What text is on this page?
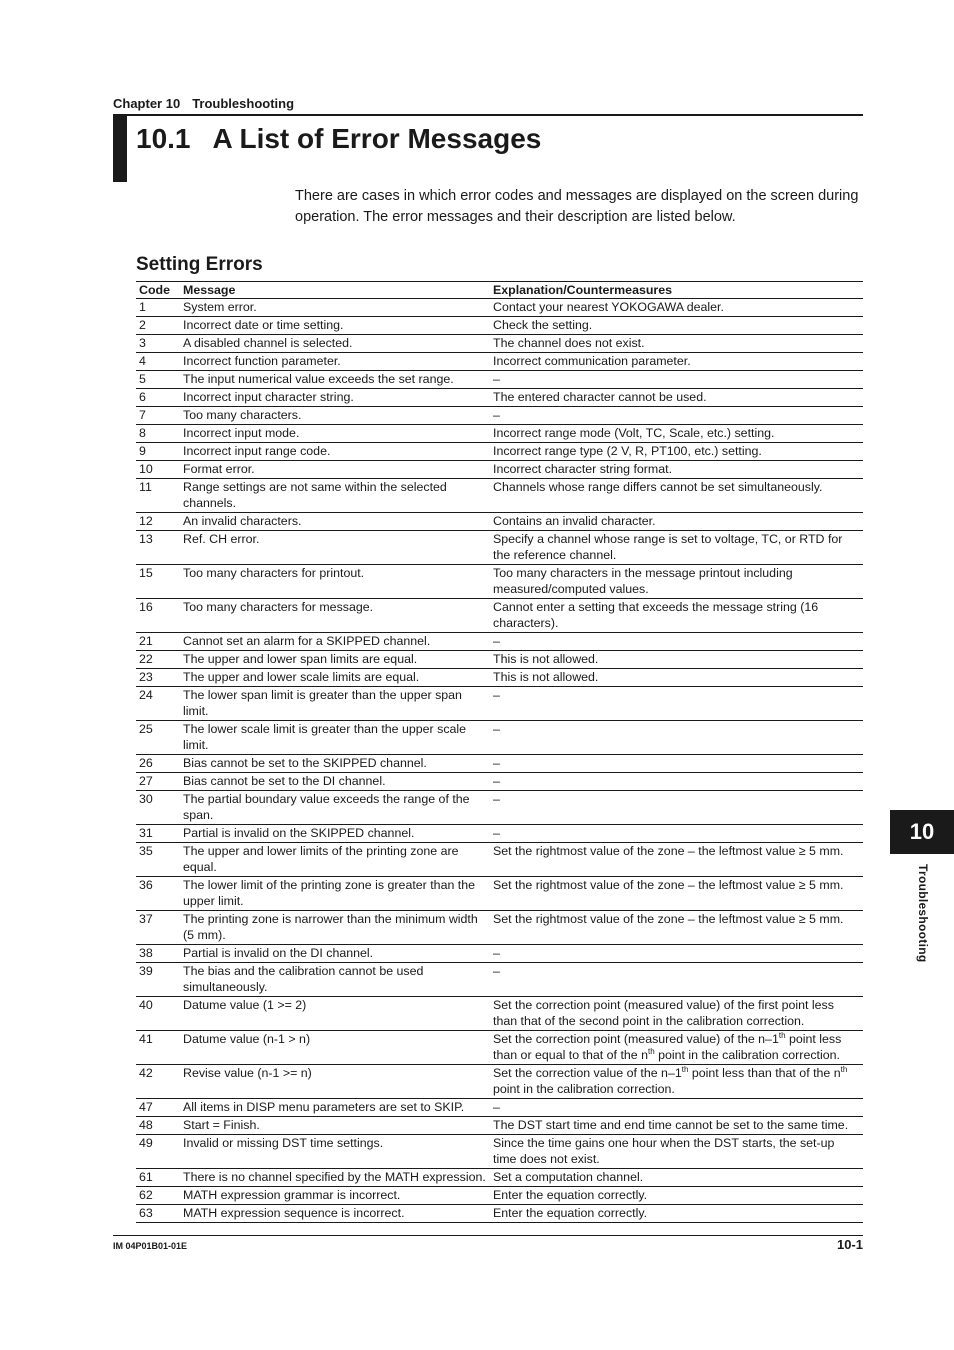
Chapter 10 Troubleshooting
10.1 A List of Error Messages

There are cases in which error codes and messages are displayed on the screen during operation. The error messages and their description are listed below.

Setting Errors
Code	Message	Explanation/Countermeasures
1	System error.	Contact your nearest YOKOGAWA dealer.
2	Incorrect date or time setting.	Check the setting.
3	A disabled channel is selected.	The channel does not exist.
4	Incorrect function parameter.	Incorrect communication parameter.
5	The input numerical value exceeds the set range.	–
6	Incorrect input character string.	The entered character cannot be used.
7	Too many characters.	–
8	Incorrect input mode.	Incorrect range mode (Volt, TC, Scale, etc.) setting.
9	Incorrect input range code.	Incorrect range type (2 V, R, PT100, etc.) setting.
10	Format error.	Incorrect character string format.
11	Range settings are not same within the selected channels.	Channels whose range differs cannot be set simultaneously.
12	An invalid characters.	Contains an invalid character.
13	Ref. CH error.	Specify a channel whose range is set to voltage, TC, or RTD for the reference channel.
15	Too many characters for printout.	Too many characters in the message printout including measured/computed values.
16	Too many characters for message.	Cannot enter a setting that exceeds the message string (16 characters).
21	Cannot set an alarm for a SKIPPED channel.	–
22	The upper and lower span limits are equal.	This is not allowed.
23	The upper and lower scale limits are equal.	This is not allowed.
24	The lower span limit is greater than the upper span limit.	–
25	The lower scale limit is greater than the upper scale limit.	–
26	Bias cannot be set to the SKIPPED channel.	–
27	Bias cannot be set to the DI channel.	–
30	The partial boundary value exceeds the range of the span.	–
31	Partial is invalid on the SKIPPED channel.	–
35	The upper and lower limits of the printing zone are equal.	Set the rightmost value of the zone – the leftmost value ≥ 5 mm.
36	The lower limit of the printing zone is greater than the upper limit.	Set the rightmost value of the zone – the leftmost value ≥ 5 mm.
37	The printing zone is narrower than the minimum width (5 mm).	Set the rightmost value of the zone – the leftmost value ≥ 5 mm.
38	Partial is invalid on the DI channel.	–
39	The bias and the calibration cannot be used simultaneously.	–
40	Datume value (1 >= 2)	Set the correction point (measured value) of the first point less than that of the second point in the calibration correction.
41	Datume value (n-1 > n)	Set the correction point (measured value) of the n–1th point less than or equal to that of the $n^{th}$ point in the calibration correction.
42	Revise value (n-1 >= n)	Set the correction value of the n–1th point less than that of the $n^{th}$ point in the calibration correction.
47	All items in DISP menu parameters are set to SKIP.	–
48	Start = Finish.	The DST start time and end time cannot be set to the same time.
49	Invalid or missing DST time settings.	Since the time gains one hour when the DST starts, the set-up time does not exist.
61	There is no channel specified by the MATH expression.	Set a computation channel.
62	MATH expression grammar is incorrect.	Enter the equation correctly.
63	MATH expression sequence is incorrect.	Enter the equation correctly.
IM 04P01B01-01E	10-1
10
Troubleshooting
